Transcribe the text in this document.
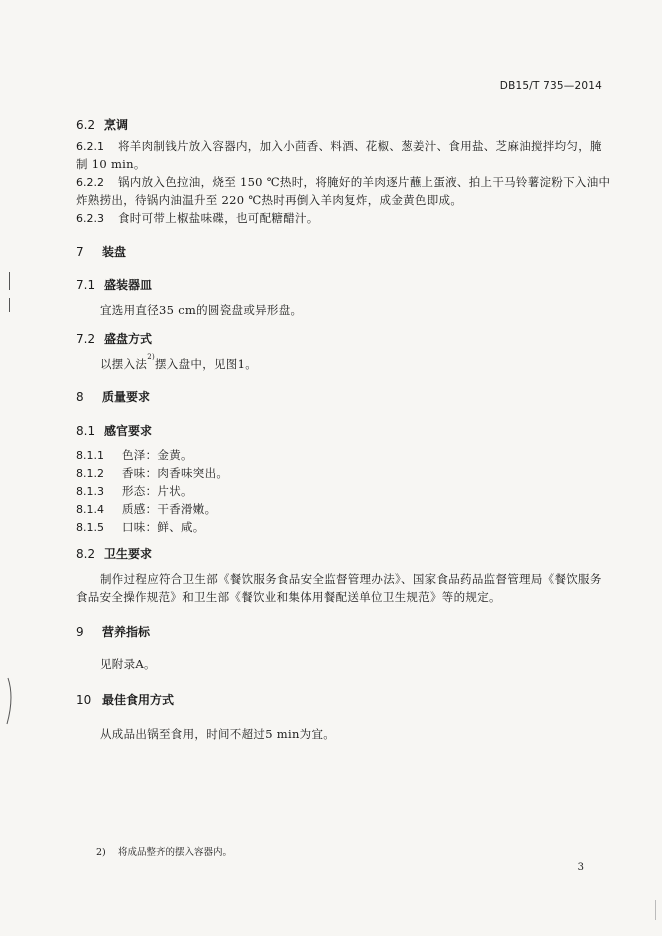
DB15/T 735—2014
6.2 烹调
6.2.1 将羊肉制钱片放入容器内，加入小茴香、料酒、花椒、葱姜汁、食用盐、芝麻油搅拌均匀，腌
制 10 min。
6.2.2 锅内放入色拉油，烧至 150 ℃热时，将腌好的羊肉逐片蘸上蛋液、拍上干马铃薯淀粉下入油中
炸熟捞出，待锅内油温升至 220 ℃热时再倒入羊肉复炸，成金黄色即成。
6.2.3 食时可带上椒盐味碟，也可配糖醋汁。
7 装盘
7.1 盛装器皿
宜选用直径35 cm的圆瓷盘或异形盘。
7.2 盛盘方式
以摆入法$^{2)}$摆入盘中，见图1。
8 质量要求
8.1 感官要求
8.1.1 色泽：金黄。
8.1.2 香味：肉香味突出。
8.1.3 形态：片状。
8.1.4 质感：干香滑嫩。
8.1.5 口味：鲜、咸。
8.2 卫生要求
制作过程应符合卫生部《餐饮服务食品安全监督管理办法》、国家食品药品监督管理局《餐饮服务
食品安全操作规范》和卫生部《餐饮业和集体用餐配送单位卫生规范》等的规定。
9 营养指标
见附录A。
10 最佳食用方式
从成品出锅至食用，时间不超过5 min为宜。
2) 将成品整齐的摆入容器内。
3
